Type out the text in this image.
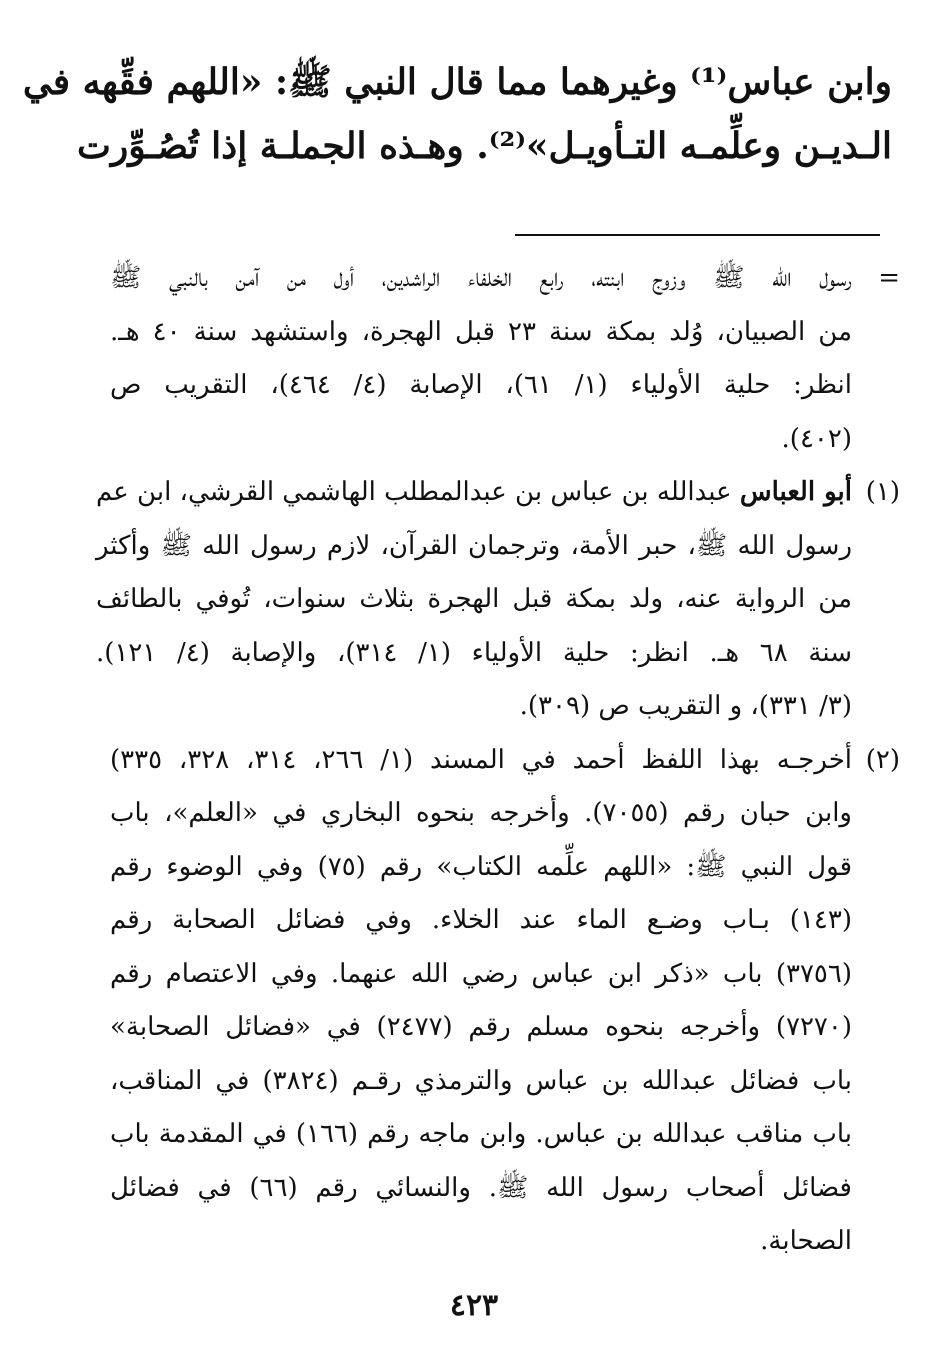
وابن عباس⁽¹⁾ وغيرهما مما قال النبي ﷺ: «اللهم فقِّهه في
الـديـن وعلِّمـه التـأويـل»⁽²⁾. وهـذه الجملـة إذا تُصُـوِّرت
=
رسول الله ﷺ وزوج ابنته، رابع الخلفاء الراشدين، أول من آمن بالنبي ﷺ
من الصبيان، وُلد بمكة سنة ٢٣ قبل الهجرة، واستشهد سنة ٤٠ هـ.
انظر: حلية الأولياء (١/ ٦١)، الإصابة (٤/ ٤٦٤)، التقريب ص
(٤٠٢).
(١)
أبو العباس عبدالله بن عباس بن عبدالمطلب الهاشمي القرشي، ابن عم
رسول الله ﷺ، حبر الأمة، وترجمان القرآن، لازم رسول الله ﷺ وأكثر
من الرواية عنه، ولد بمكة قبل الهجرة بثلاث سنوات، تُوفي بالطائف
سنة ٦٨ هـ. انظر: حلية الأولياء (١/ ٣١٤)، والإصابة (٤/ ١٢١).
(٣/ ٣٣١)، و التقريب ص (٣٠٩).
(٢)
أخرجـه بهذا اللفظ أحمد في المسند (١/ ٢٦٦، ٣١٤، ٣٢٨، ٣٣٥)
وابن حبان رقم (٧٠٥٥). وأخرجه بنحوه البخاري في «العلم»، باب
قول النبي ﷺ: «اللهم علِّمه الكتاب» رقم (٧٥) وفي الوضوء رقم
(١٤٣) بـاب وضـع الماء عند الخلاء. وفي فضائل الصحابة رقم
(٣٧٥٦) باب «ذكر ابن عباس رضي الله عنهما. وفي الاعتصام رقم
(٧٢٧٠) وأخرجه بنحوه مسلم رقم (٢٤٧٧) في «فضائل الصحابة»
باب فضائل عبدالله بن عباس والترمذي رقـم (٣٨٢٤) في المناقب،
باب مناقب عبدالله بن عباس. وابن ماجه رقم (١٦٦) في المقدمة باب
فضائل أصحاب رسول الله ﷺ. والنسائي رقم (٦٦) في فضائل
الصحابة.
٤٢٣
